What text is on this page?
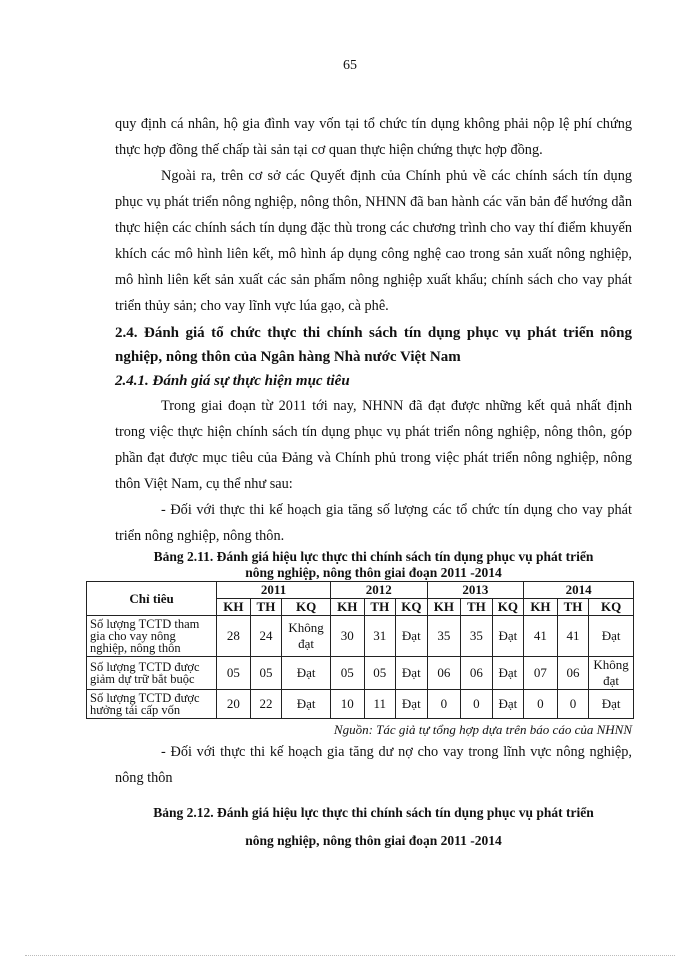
65

quy định cá nhân, hộ gia đình vay vốn tại tổ chức tín dụng không phải nộp lệ phí chứng thực hợp đồng thế chấp tài sản tại cơ quan thực hiện chứng thực hợp đồng.

Ngoài ra, trên cơ sở các Quyết định của Chính phủ về các chính sách tín dụng phục vụ phát triển nông nghiệp, nông thôn, NHNN đã ban hành các văn bản để hướng dẫn thực hiện các chính sách tín dụng đặc thù trong các chương trình cho vay thí điểm khuyến khích các mô hình liên kết, mô hình áp dụng công nghệ cao trong sản xuất nông nghiệp, mô hình liên kết sản xuất các sản phẩm nông nghiệp xuất khẩu; chính sách cho vay phát triển thủy sản; cho vay lĩnh vực lúa gạo, cà phê.

2.4. Đánh giá tổ chức thực thi chính sách tín dụng phục vụ phát triển nông nghiệp, nông thôn của Ngân hàng Nhà nước Việt Nam

2.4.1. Đánh giá sự thực hiện mục tiêu

Trong giai đoạn từ 2011 tới nay, NHNN đã đạt được những kết quả nhất định trong việc thực hiện chính sách tín dụng phục vụ phát triển nông nghiệp, nông thôn, góp phần đạt được mục tiêu của Đảng và Chính phủ trong việc phát triển nông nghiệp, nông thôn Việt Nam, cụ thể như sau:

- Đối với thực thi kế hoạch gia tăng số lượng các tổ chức tín dụng cho vay phát triển nông nghiệp, nông thôn.

Bảng 2.11. Đánh giá hiệu lực thực thi chính sách tín dụng phục vụ phát triển

nông nghiệp, nông thôn giai đoạn 2011 -2014

Chỉ tiêu	2011			2012			2013			2014		
	KH	TH	KQ	KH	TH	KQ	KH	TH	KQ	KH	TH	KQ
Số lượng TCTD tham gia cho vay nông nghiệp, nông thôn	28	24	Không đạt	30	31	Đạt	35	35	Đạt	41	41	Đạt
Số lượng TCTD được giảm dự trữ bắt buộc	05	05	Đạt	05	05	Đạt	06	06	Đạt	07	06	Không đạt
Số lượng TCTD được hưởng tái cấp vốn	20	22	Đạt	10	11	Đạt	0	0	Đạt	0	0	Đạt

Nguồn: Tác giả tự tổng hợp dựa trên báo cáo của NHNN

- Đối với thực thi kế hoạch gia tăng dư nợ cho vay trong lĩnh vực nông nghiệp, nông thôn

Bảng 2.12. Đánh giá hiệu lực thực thi chính sách tín dụng phục vụ phát triển
nông nghiệp, nông thôn giai đoạn 2011 -2014
